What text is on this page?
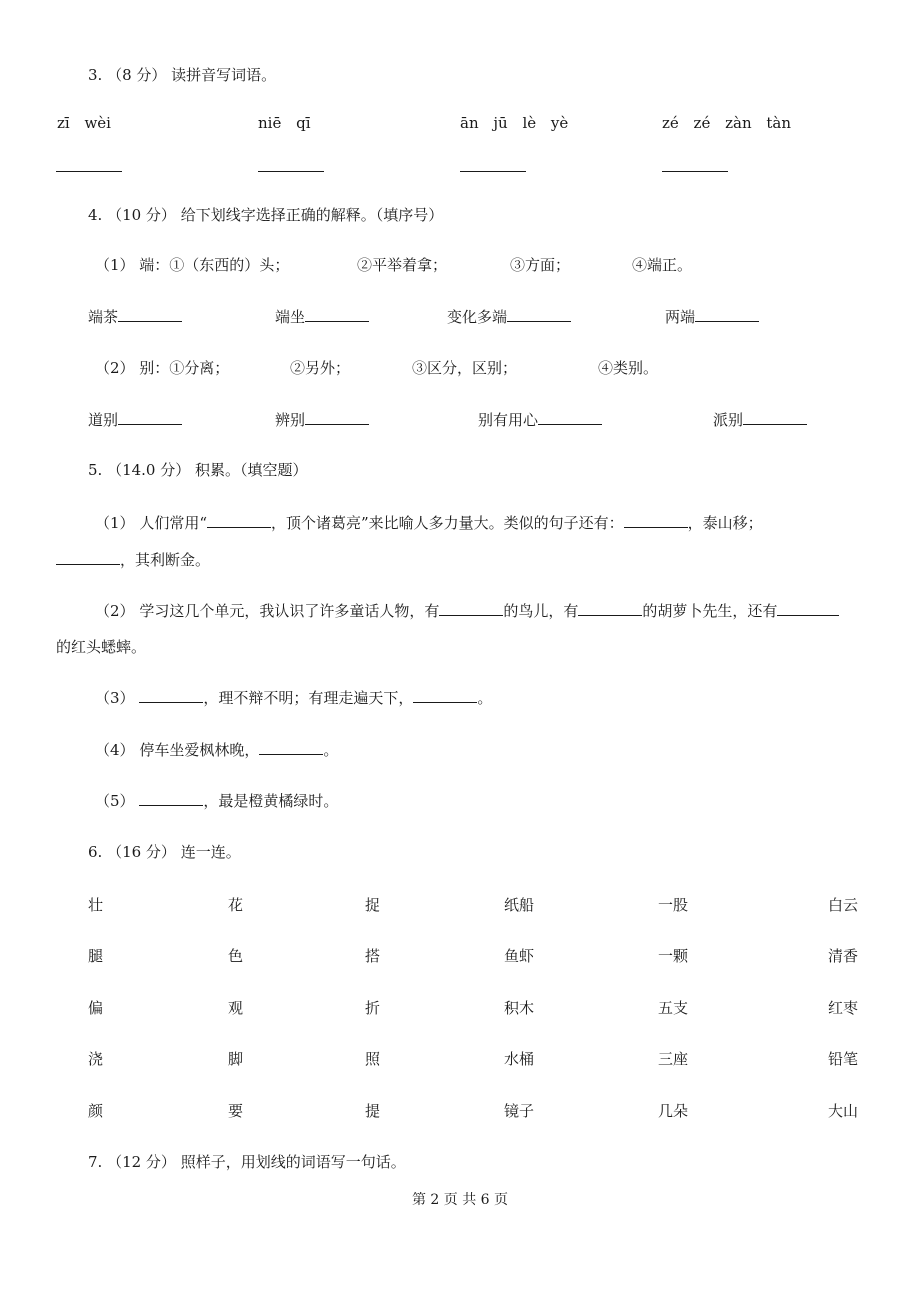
3. （8 分） 读拼音写词语。
zī wèi	niē qī	ān jū lè yè	zé zé zàn tàn
4. （10 分） 给下划线字选择正确的解释。（填序号）
（1） 端：①（东西的）头；	②平举着拿；	③方面；	④端正。
端茶	端坐	变化多端	两端
（2） 别：①分离；	②另外；	③区分，区别；	④类别。
道别	辨别	别有用心	派别
5. （14.0 分） 积累。（填空题）
（1） 人们常用“	，顶个诸葛亮”来比喻人多力量大。类似的句子还有：	，泰山移；
，其利断金。
（2） 学习这几个单元，我认识了许多童话人物，有	的鸟儿，有	的胡萝卜先生，还有
的红头蟋蟀。
（3）	，理不辩不明；有理走遍天下，	。
（4） 停车坐爱枫林晚，	。
（5）	，最是橙黄橘绿时。
6. （16 分） 连一连。
壮	花	捉	纸船	一股	白云
腿	色	搭	鱼虾	一颗	清香
偏	观	折	积木	五支	红枣
浇	脚	照	水桶	三座	铅笔
颜	要	提	镜子	几朵	大山
7. （12 分） 照样子，用划线的词语写一句话。
第 2 页 共 6 页
